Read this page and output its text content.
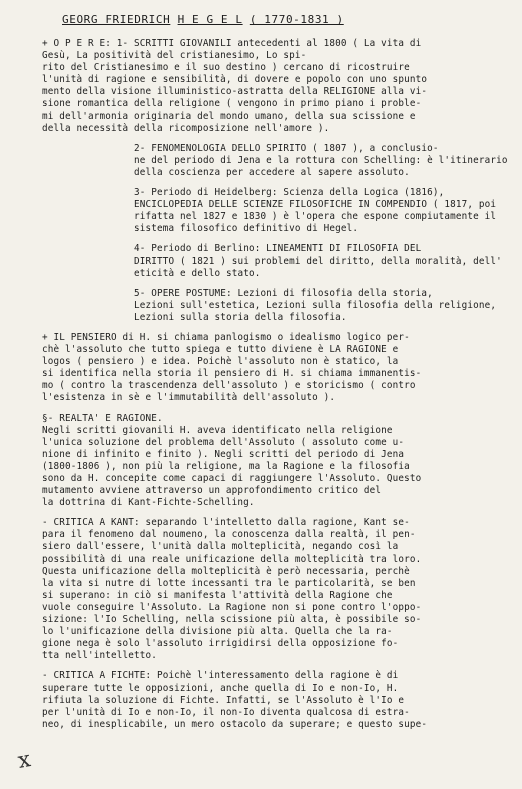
GEORG FRIEDRICH H E G E L ( 1770-1831 )
x
+ O P E R E: 1- SCRITTI GIOVANILI antecedenti al 1800 ( La vita di
Gesù, La positività del cristianesimo, Lo spi-
rito del Cristianesimo e il suo destino ) cercano di ricostruire
l'unità di ragione e sensibilità, di dovere e popolo con uno spunto
mento della visione illuministico-astratta della RELIGIONE alla vi-
sione romantica della religione ( vengono in primo piano i proble-
mi dell'armonia originaria del mondo umano, della sua scissione e
della necessità della ricomposizione nell'amore ).
2- FENOMENOLOGIA DELLO SPIRITO ( 1807 ), a conclusio-
ne del periodo di Jena e la rottura con Schelling: è l'itinerario
della coscienza per accedere al sapere assoluto.
3- Periodo di Heidelberg: Scienza della Logica (1816),
ENCICLOPEDIA DELLE SCIENZE FILOSOFICHE IN COMPENDIO ( 1817, poi
rifatta nel 1827 e 1830 ) è l'opera che espone compiutamente il
sistema filosofico definitivo di Hegel.
4- Periodo di Berlino: LINEAMENTI DI FILOSOFIA DEL
DIRITTO ( 1821 ) sui problemi del diritto, della moralità, dell'
eticità e dello stato.
5- OPERE POSTUME: Lezioni di filosofia della storia,
Lezioni sull'estetica, Lezioni sulla filosofia della religione,
Lezioni sulla storia della filosofia.
+ IL PENSIERO di H. si chiama panlogismo o idealismo logico per-
chè l'assoluto che tutto spiega e tutto diviene è LA RAGIONE e
logos ( pensiero ) e idea. Poichè l'assoluto non è statico, la
si identifica nella storia il pensiero di H. si chiama immanentis-
mo ( contro la trascendenza dell'assoluto ) e storicismo ( contro
l'esistenza in sè e l'immutabilità dell'assoluto ).
§- REALTA' E RAGIONE.
Negli scritti giovanili H. aveva identificato nella religione
l'unica soluzione del problema dell'Assoluto ( assoluto come u-
nione di infinito e finito ). Negli scritti del periodo di Jena
(1800-1806 ), non più la religione, ma la Ragione e la filosofia
sono da H. concepite come capaci di raggiungere l'Assoluto. Questo
mutamento avviene attraverso un approfondimento critico del
la dottrina di Kant-Fichte-Schelling.
- CRITICA A KANT: separando l'intelletto dalla ragione, Kant se-
para il fenomeno dal noumeno, la conoscenza dalla realtà, il pen-
siero dall'essere, l'unità dalla molteplicità, negando così la
possibilità di una reale unificazione della molteplicità tra loro.
Questa unificazione della molteplicità è però necessaria, perchè
la vita si nutre di lotte incessanti tra le particolarità, se ben
si superano: in ciò si manifesta l'attività della Ragione che
vuole conseguire l'Assoluto. La Ragione non si pone contro l'oppo-
sizione: l'Io Schelling, nella scissione più alta, è possibile so-
lo l'unificazione della divisione più alta. Quella che la ra-
gione nega è solo l'assoluto irrigidirsi della opposizione fo-
tta nell'intelletto.
- CRITICA A FICHTE: Poichè l'interessamento della ragione è di
superare tutte le opposizioni, anche quella di Io e non-Io, H.
rifiuta la soluzione di Fichte. Infatti, se l'Assoluto è l'Io e
per l'unità di Io e non-Io, il non-Io diventa qualcosa di estra-
neo, di inesplicabile, un mero ostacolo da superare; e questo supe-
